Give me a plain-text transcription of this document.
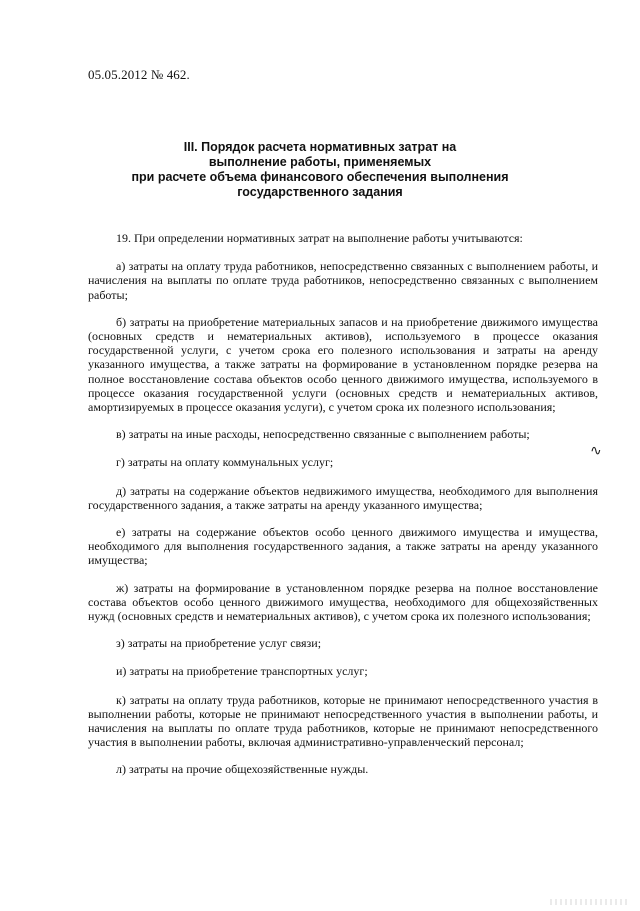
05.05.2012 № 462.
III. Порядок расчета нормативных затрат на
выполнение работы, применяемых
при расчете объема финансового обеспечения выполнения
государственного задания

19. При определении нормативных затрат на выполнение работы учитываются:

а) затраты на оплату труда работников, непосредственно связанных с выполнением работы, и начисления на выплаты по оплате труда работников, непосредственно связанных с выполнением работы;

б) затраты на приобретение материальных запасов и на приобретение движимого имущества (основных средств и нематериальных активов), используемого в процессе оказания государственной услуги, с учетом срока его полезного использования и затраты на аренду указанного имущества, а также затраты на формирование в установленном порядке резерва на полное восстановление состава объектов особо ценного движимого имущества, используемого в процессе оказания государственной услуги (основных средств и нематериальных активов, амортизируемых в процессе оказания услуги), с учетом срока их полезного использования;

в) затраты на иные расходы, непосредственно связанные с выполнением работы;

г) затраты на оплату коммунальных услуг;

д) затраты на содержание объектов недвижимого имущества, необходимого для выполнения государственного задания, а также затраты на аренду указанного имущества;

е) затраты на содержание объектов особо ценного движимого имущества и имущества, необходимого для выполнения государственного задания, а также затраты на аренду указанного имущества;

ж) затраты на формирование в установленном порядке резерва на полное восстановление состава объектов особо ценного движимого имущества, необходимого для общехозяйственных нужд (основных средств и нематериальных активов), с учетом срока их полезного использования;

з) затраты на приобретение услуг связи;

и) затраты на приобретение транспортных услуг;

к) затраты на оплату труда работников, которые не принимают непосредственного участия в выполнении работы, которые не принимают непосредственного участия в выполнении работы, и начисления на выплаты по оплате труда работников, которые не принимают непосредственного участия в выполнении работы, включая административно-управленческий персонал;

л) затраты на прочие общехозяйственные нужды.

∿
